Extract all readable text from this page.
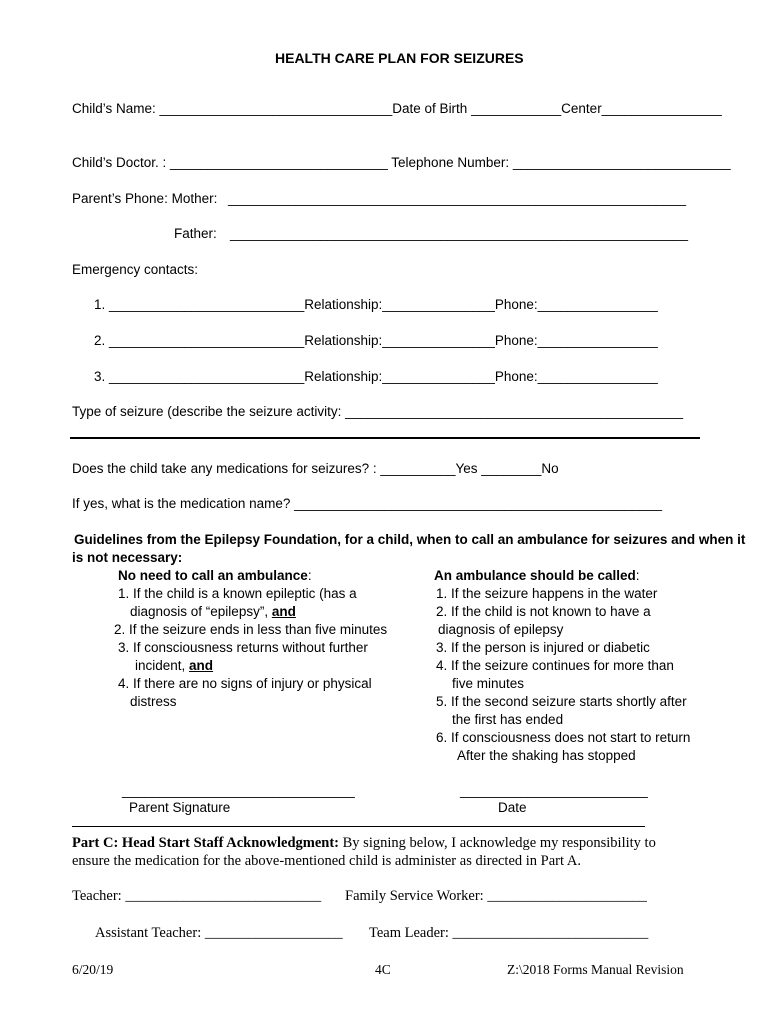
HEALTH CARE PLAN FOR SEIZURES
Child’s Name: _______________________________Date of Birth ____________Center________________
Child’s Doctor. : _____________________________ Telephone Number: _____________________________
Parent’s Phone: Mother: _____________________________________________________________
Father: _____________________________________________________________
Emergency contacts:
1. __________________________Relationship:_______________Phone:________________
2. __________________________Relationship:_______________Phone:________________
3. __________________________Relationship:_______________Phone:________________
Type of seizure (describe the seizure activity: _____________________________________________
Does the child take any medications for seizures? : __________Yes ________No
If yes, what is the medication name? _________________________________________________
Guidelines from the Epilepsy Foundation, for a child, when to call an ambulance for seizures and when it
is not necessary:
No need to call an ambulance:
1. If the child is a known epileptic (has a
diagnosis of “epilepsy”, and
2. If the seizure ends in less than five minutes
3. If consciousness returns without further
incident, and
4. If there are no signs of injury or physical
distress
An ambulance should be called:
1. If the seizure happens in the water
2. If the child is not known to have a
diagnosis of epilepsy
3. If the person is injured or diabetic
4. If the seizure continues for more than
five minutes
5. If the second seizure starts shortly after
the first has ended
6. If consciousness does not start to return
After the shaking has stopped
_______________________________	_________________________
Parent Signature	Date
Part C: Head Start Staff Acknowledgment: By signing below, I acknowledge my responsibility to
ensure the medication for the above-mentioned child is administer as directed in Part A.
Teacher: ___________________________ Family Service Worker: ______________________
Assistant Teacher: ___________________ Team Leader: ___________________________
6/20/19	4C	Z:\2018 Forms Manual Revision
